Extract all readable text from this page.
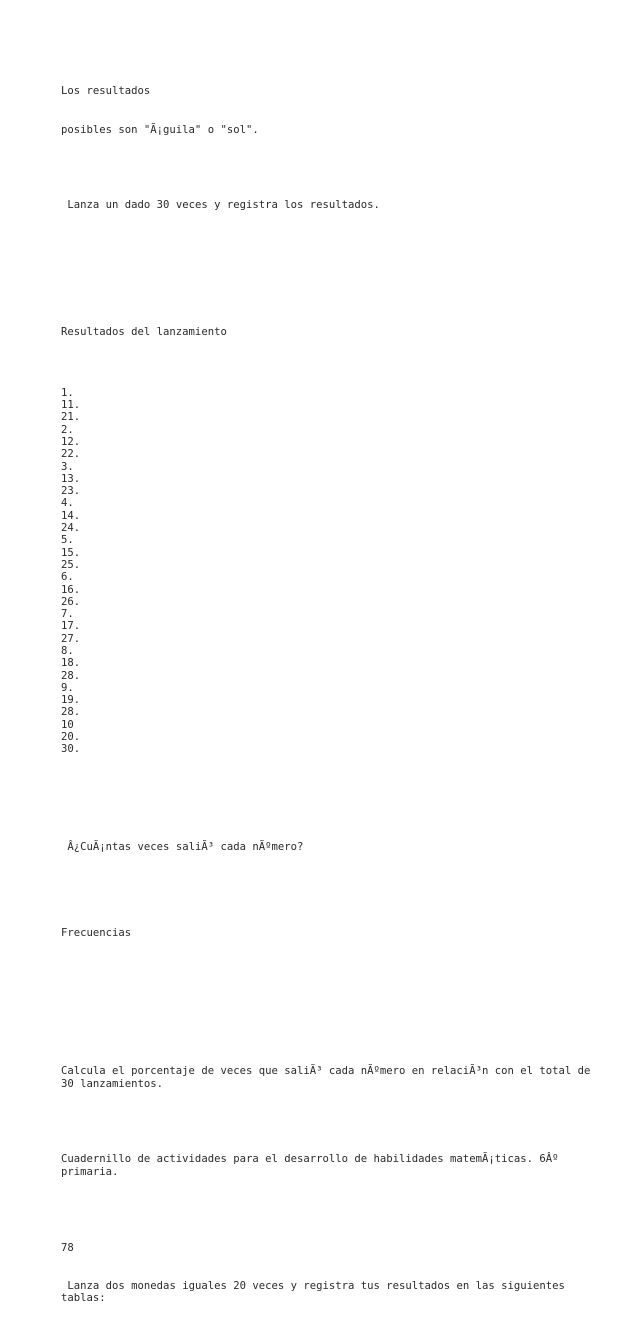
Los resultados

posibles son "Ã¡guila" o "sol".

Lanza un dado 30 veces y registra los resultados.

Resultados del lanzamiento

1.
11.
21.
2.
12.
22.
3.
13.
23.
4.
14.
24.
5.
15.
25.
6.
16.
26.
7.
17.
27.
8.
18.
28.
9.
19.
28.
10
20.
30.

Â¿CuÃ¡ntas veces saliÃ³ cada nÃºmero?

Frecuencias

Calcula el porcentaje de veces que saliÃ³ cada nÃºmero en relaciÃ³n con el total de 30 lanzamientos.

Cuadernillo de actividades para el desarrollo de habilidades matemÃ¡ticas. 6Âº primaria.

78

Lanza dos monedas iguales 20 veces y registra tus resultados en las siguientes tablas:
